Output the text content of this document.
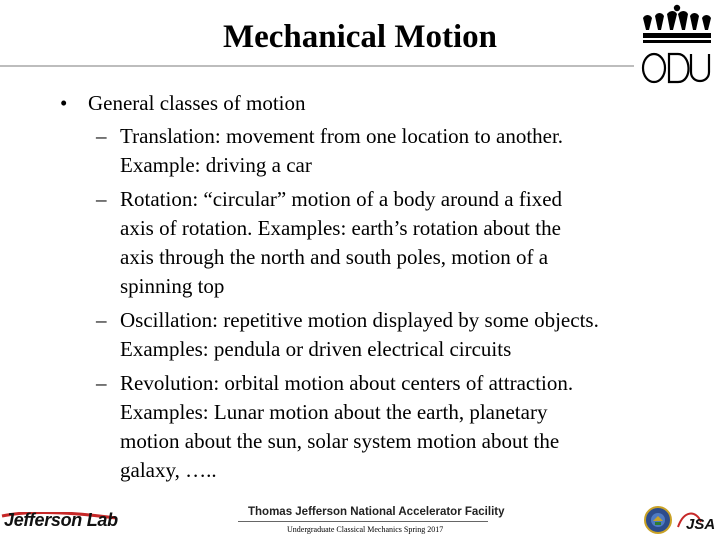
Mechanical Motion
• General classes of motion
– Translation: movement from one location to another.
Example: driving a car
– Rotation: “circular” motion of a body around a fixed
axis of rotation. Examples: earth’s rotation about the
axis through the north and south poles, motion of a
spinning top
– Oscillation: repetitive motion displayed by some objects.
Examples: pendula or driven electrical circuits
– Revolution: orbital motion about centers of attraction.
Examples: Lunar motion about the earth, planetary
motion about the sun, solar system motion about the
galaxy, …..
Jefferson Lab	Thomas Jefferson National Accelerator Facility
Undergraduate Classical Mechanics Spring 2017	JSA
